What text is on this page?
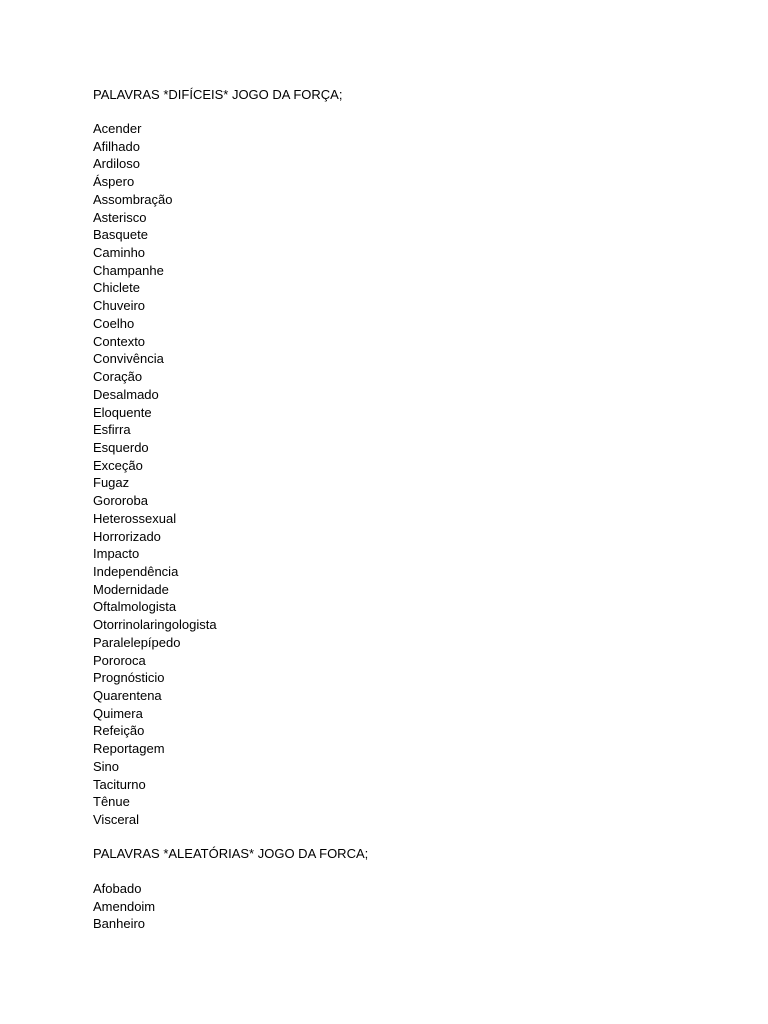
PALAVRAS *DIFÍCEIS* JOGO DA FORÇA;
Acender
Afilhado
Ardiloso
Áspero
Assombração
Asterisco
Basquete
Caminho
Champanhe
Chiclete
Chuveiro
Coelho
Contexto
Convivência
Coração
Desalmado
Eloquente
Esfirra
Esquerdo
Exceção
Fugaz
Gororoba
Heterossexual
Horrorizado
Impacto
Independência
Modernidade
Oftalmologista
Otorrinolaringologista
Paralelepípedo
Pororoca
Prognósticio
Quarentena
Quimera
Refeição
Reportagem
Sino
Taciturno
Tênue
Visceral
PALAVRAS *ALEATÓRIAS* JOGO DA FORCA;
Afobado
Amendoim
Banheiro
